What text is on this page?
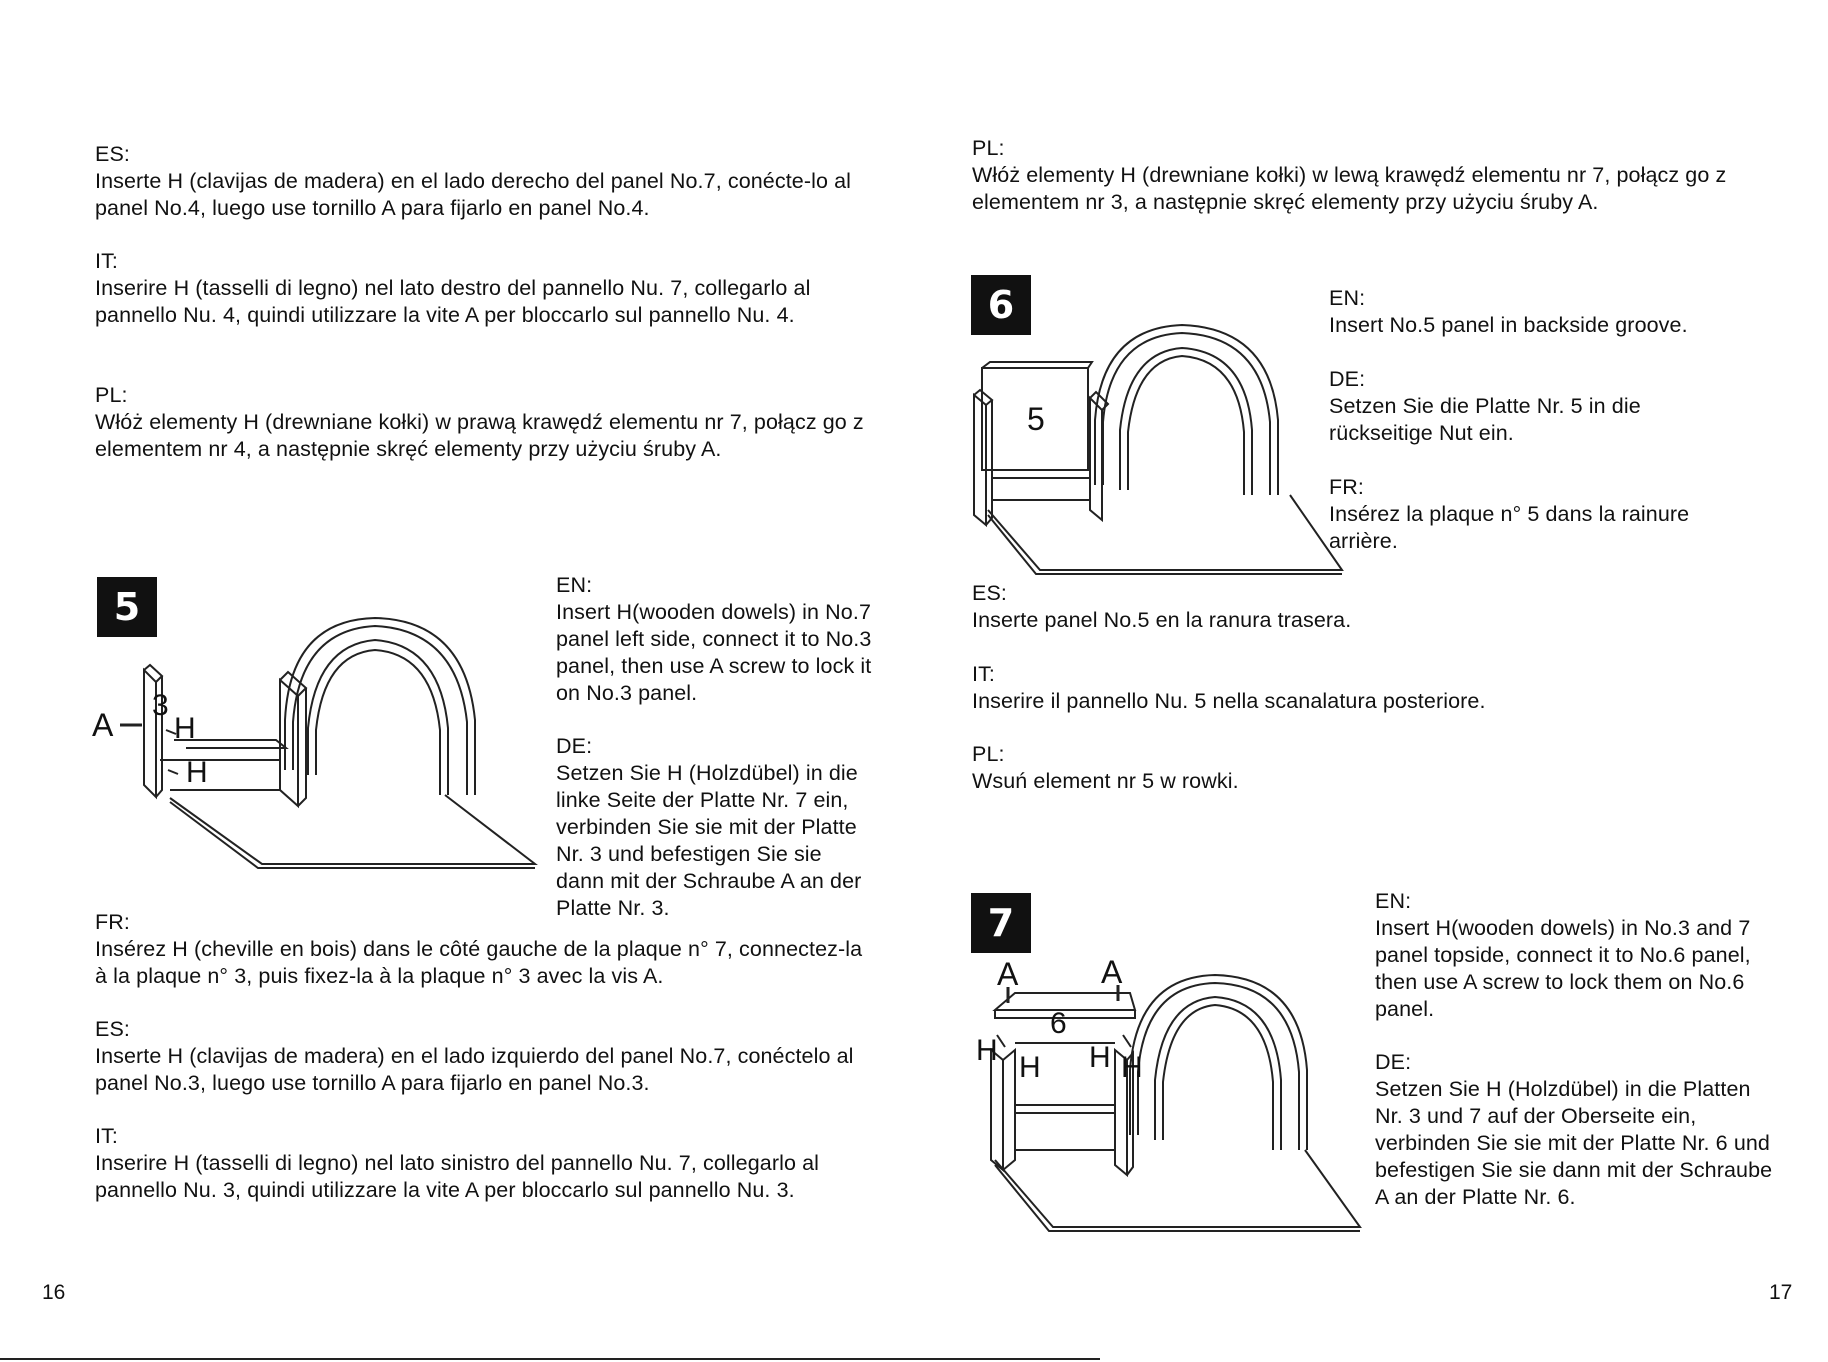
ES:
Inserte H (clavijas de madera) en el lado derecho del panel No.7, conécte-lo al panel No.4, luego use tornillo A para fijarlo en panel No.4.
IT:
Inserire H (tasselli di legno) nel lato destro del pannello Nu. 7, collegarlo al pannello Nu. 4, quindi utilizzare la vite A per bloccarlo sul pannello Nu. 4.
PL:
Włóż elementy H (drewniane kołki) w prawą krawędź elementu nr 7, połącz go z elementem nr 4, a następnie skręć elementy przy użyciu śruby A.
5
A
3
H
H
EN:
Insert H(wooden dowels) in No.7 panel left side, connect it to No.3 panel, then use A screw to lock it on No.3 panel.
DE:
Setzen Sie H (Holzdübel) in die linke Seite der Platte Nr. 7 ein, verbinden Sie sie mit der Platte Nr. 3 und befestigen Sie sie dann mit der Schraube A an der Platte Nr. 3.
FR:
Insérez H (cheville en bois) dans le côté gauche de la plaque n° 7, connectez-la à la plaque n° 3, puis fixez-la à la plaque n° 3 avec la vis A.
ES:
Inserte H (clavijas de madera) en el lado izquierdo del panel No.7, conéctelo al panel No.3, luego use tornillo A para fijarlo en panel No.3.
IT:
Inserire H (tasselli di legno) nel lato sinistro del pannello Nu. 7, collegarlo al pannello Nu. 3, quindi utilizzare la vite A per bloccarlo sul pannello Nu. 3.
PL:
Włóż elementy H (drewniane kołki) w lewą krawędź elementu nr 7, połącz go z elementem nr 3, a następnie skręć elementy przy użyciu śruby A.
6
5
EN:
Insert No.5 panel in backside groove.
DE:
Setzen Sie die Platte Nr. 5 in die rückseitige Nut ein.
FR:
Insérez la plaque n° 5 dans la rainure arrière.
ES:
Inserte panel No.5 en la ranura trasera.
IT:
Inserire il pannello Nu. 5 nella scanalatura posteriore.
PL:
Wsuń element nr 5 w rowki.
7
A	A
6
H
H H H
EN:
Insert H(wooden dowels) in No.3 and 7 panel topside, connect it to No.6 panel, then use A screw to lock them on No.6 panel.
DE:
Setzen Sie H (Holzdübel) in die Platten Nr. 3 und 7 auf der Oberseite ein, verbinden Sie sie mit der Platte Nr. 6 und befestigen Sie sie dann mit der Schraube A an der Platte Nr. 6.
16	17
